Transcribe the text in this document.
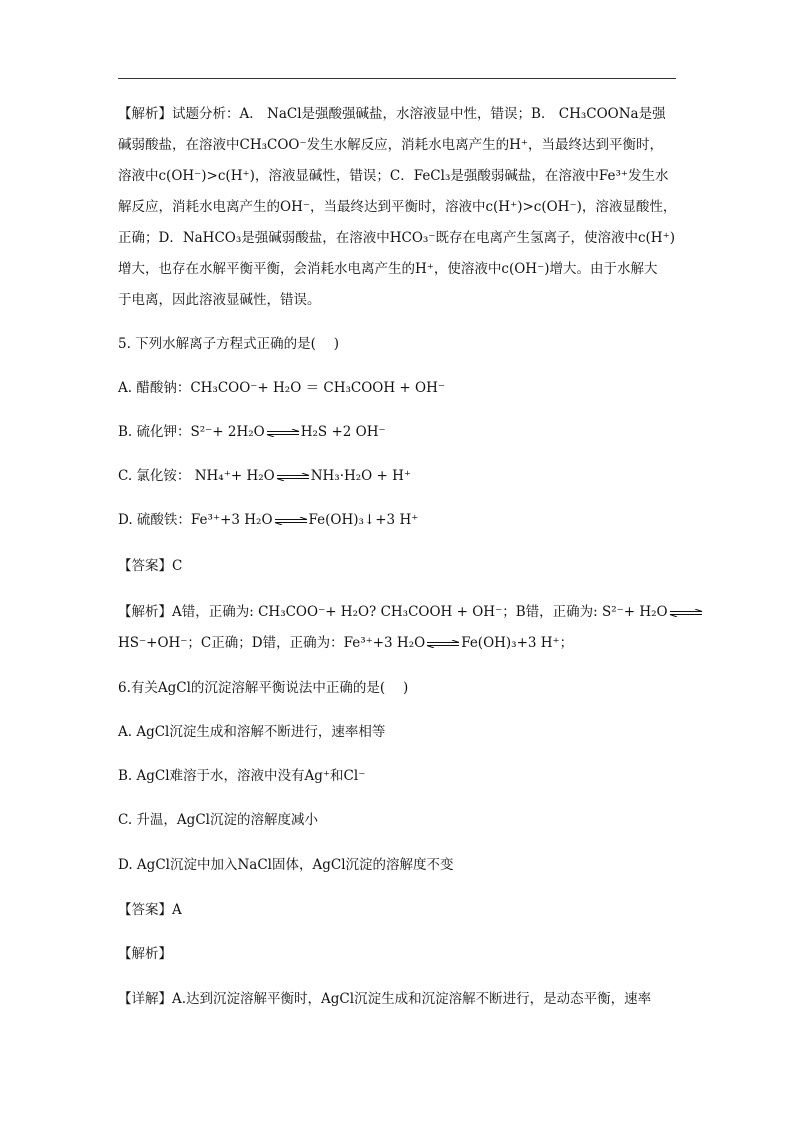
【解析】试题分析：A． NaCl是强酸强碱盐，水溶液显中性，错误；B． CH₃COONa是强

碱弱酸盐，在溶液中CH₃COO⁻发生水解反应，消耗水电离产生的H⁺，当最终达到平衡时，

溶液中c(OH⁻)>c(H⁺)，溶液显碱性，错误；C．FeCl₃是强酸弱碱盐，在溶液中Fe³⁺发生水

解反应，消耗水电离产生的OH⁻，当最终达到平衡时，溶液中c(H⁺)>c(OH⁻)，溶液显酸性，

正确；D．NaHCO₃是强碱弱酸盐，在溶液中HCO₃⁻既存在电离产生氢离子，使溶液中c(H⁺)

增大，也存在水解平衡平衡，会消耗水电离产生的H⁺，使溶液中c(OH⁻)增大。由于水解大

于电离，因此溶液显碱性，错误。

5. 下列水解离子方程式正确的是(　 )

A. 醋酸钠：CH₃COO⁻+ H₂O ＝ CH₃COOH + OH⁻

B. 硫化钾：S²⁻+ 2H₂O⇌H₂S +2 OH⁻

C. 氯化铵： NH₄⁺+ H₂O⇌NH₃·H₂O + H⁺

D. 硫酸铁：Fe³⁺+3 H₂O⇌Fe(OH)₃↓+3 H⁺

【答案】C

【解析】A错，正确为: CH₃COO⁻+ H₂O? CH₃COOH + OH⁻；B错，正确为: S²⁻+ H₂O⇌

HS⁻+OH⁻；C正确；D错，正确为：Fe³⁺+3 H₂O⇌Fe(OH)₃+3 H⁺；

6.有关AgCl的沉淀溶解平衡说法中正确的是(　 )

A. AgCl沉淀生成和溶解不断进行，速率相等

B. AgCl难溶于水，溶液中没有Ag⁺和Cl⁻

C. 升温，AgCl沉淀的溶解度减小

D. AgCl沉淀中加入NaCl固体，AgCl沉淀的溶解度不变

【答案】A

【解析】

【详解】A.达到沉淀溶解平衡时，AgCl沉淀生成和沉淀溶解不断进行，是动态平衡，速率
